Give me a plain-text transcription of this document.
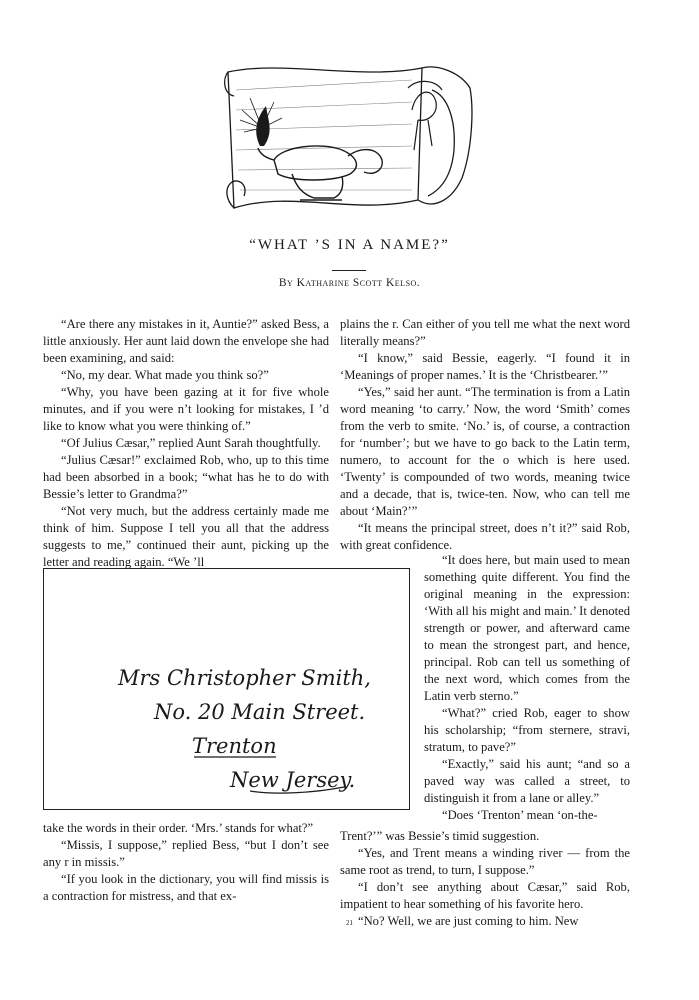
“WHAT ’S IN A NAME?”
By Katharine Scott Kelso.

“Are there any mistakes in it, Auntie?” asked Bess, a little anxiously. Her aunt laid down the envelope she had been examining, and said:

“No, my dear. What made you think so?”

“Why, you have been gazing at it for five whole minutes, and if you were n’t looking for mistakes, I ’d like to know what you were thinking of.”

“Of Julius Cæsar,” replied Aunt Sarah thoughtfully.

“Julius Cæsar!” exclaimed Rob, who, up to this time had been absorbed in a book; “what has he to do with Bessie’s letter to Grandma?”

“Not very much, but the address certainly made me think of him. Suppose I tell you all that the address suggests to me,” continued their aunt, picking up the letter and reading again. “We ’ll

Mrs Christopher Smith,
No. 20 Main Street.
Trenton
New Jersey.

take the words in their order. ‘Mrs.’ stands for what?”

“Missis, I suppose,” replied Bess, “but I don’t see any r in missis.”

“If you look in the dictionary, you will find missis is a contraction for mistress, and that ex-

plains the r. Can either of you tell me what the next word literally means?”

“I know,” said Bessie, eagerly. “I found it in ‘Meanings of proper names.’ It is the ‘Christbearer.’”

“Yes,” said her aunt. “The termination is from a Latin word meaning ‘to carry.’ Now, the word ‘Smith’ comes from the verb to smite. ‘No.’ is, of course, a contraction for ‘number’; but we have to go back to the Latin term, numero, to account for the o which is here used. ‘Twenty’ is compounded of two words, meaning twice and a decade, that is, twice-ten. Now, who can tell me about ‘Main?’”

“It means the principal street, does n’t it?” said Rob, with great confidence.

“It does here, but main used to mean something quite different. You find the original meaning in the expression: ‘With all his might and main.’ It denoted strength or power, and afterward came to mean the strongest part, and hence, principal. Rob can tell us something of the next word, which comes from the Latin verb sterno.”

“What?” cried Rob, eager to show his scholarship; “from sternere, stravi, stratum, to pave?”

“Exactly,” said his aunt; “and so a paved way was called a street, to distinguish it from a lane or alley.”

“Does ‘Trenton’ mean ‘on-the-

Trent?’” was Bessie’s timid suggestion.

“Yes, and Trent means a winding river — from the same root as trend, to turn, I suppose.”

“I don’t see anything about Cæsar,” said Rob, impatient to hear something of his favorite hero.

“No? Well, we are just coming to him. New

21
